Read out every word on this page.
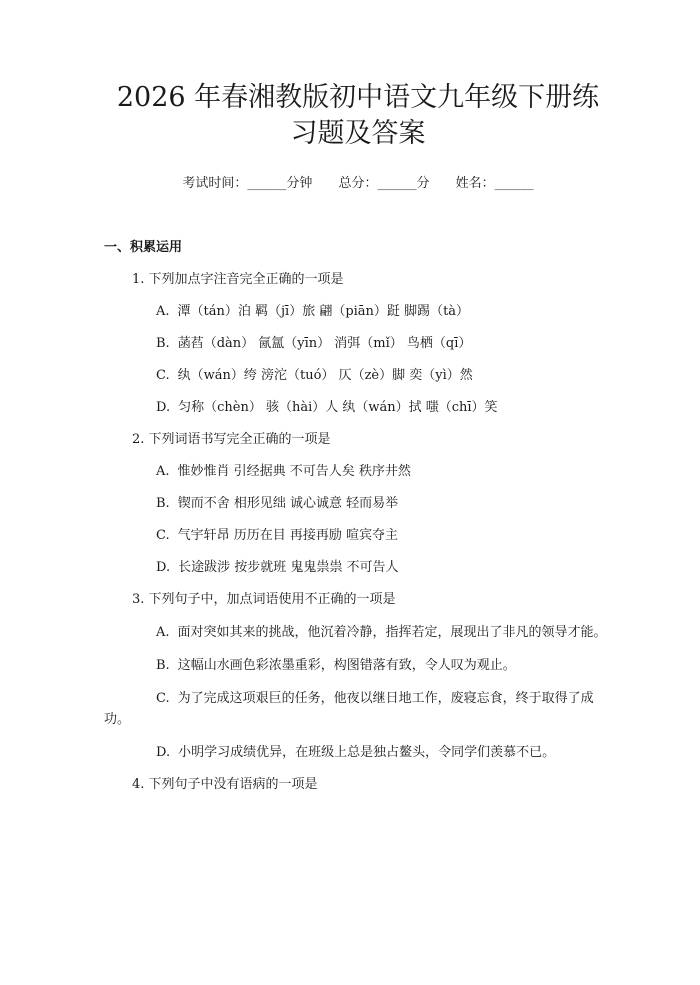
2026 年春湘教版初中语文九年级下册练习题及答案
考试时间：______分钟 总分：______分 姓名：______
一、积累运用
1. 下列加点字注音完全正确的一项是
A. 潭（tán）泊 羁（jī）旅 翩（piān）跹 脚踢（tà）
B. 菡萏（dàn） 氤氲（yīn） 消弭（mǐ） 鸟栖（qī）
C. 纨（wán）绔 滂沱（tuó） 仄（zè）脚 奕（yì）然
D. 匀称（chèn） 骇（hài）人 纨（wán）拭 嗤（chī）笑
2. 下列词语书写完全正确的一项是
A. 惟妙惟肖 引经据典 不可告人矣 秩序井然
B. 锲而不舍 相形见绌 诚心诚意 轻而易举
C. 气宇轩昂 历历在目 再接再励 喧宾夺主
D. 长途跋涉 按步就班 鬼鬼祟祟 不可告人
3. 下列句子中，加点词语使用不正确的一项是
A. 面对突如其来的挑战，他沉着冷静，指挥若定，展现出了非凡的领导才能。
B. 这幅山水画色彩浓墨重彩，构图错落有致，令人叹为观止。
C. 为了完成这项艰巨的任务，他夜以继日地工作，废寝忘食，终于取得了成功。
D. 小明学习成绩优异，在班级上总是独占鳌头，令同学们羡慕不已。
4. 下列句子中没有语病的一项是
